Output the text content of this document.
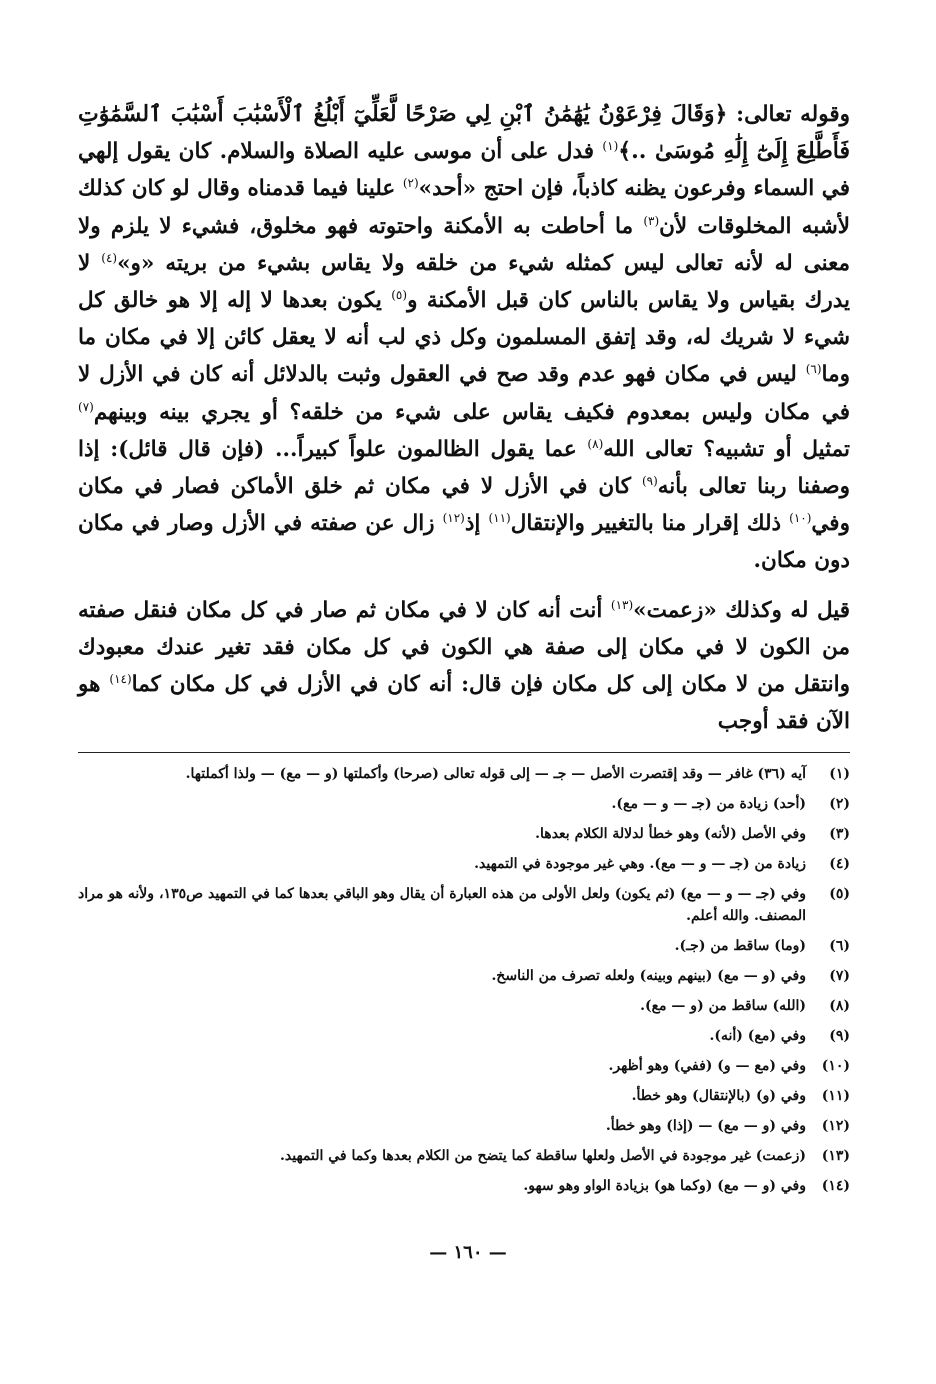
وقوله تعالى: ﴿وَقَالَ فِرْعَوْنُ يَٰهَٰمَٰنُ ٱبْنِ لِي صَرْحًا لَّعَلِّيٓ أَبْلُغُ ٱلْأَسْبَٰبَ أَسْبَٰبَ ٱلسَّمَٰوَٰتِ فَأَطَّلِعَ إِلَىٰٓ إِلَٰهِ مُوسَىٰ ..﴾$^{(١)}$ فدل على أن موسى عليه الصلاة والسلام. كان يقول إلهي في السماء وفرعون يظنه كاذباً، فإن احتج «أحد»$^{(٢)}$ علينا فيما قدمناه وقال لو كان كذلك لأشبه المخلوقات لأن$^{(٣)}$ ما أحاطت به الأمكنة واحتوته فهو مخلوق، فشيء لا يلزم ولا معنى له لأنه تعالى ليس كمثله شيء من خلقه ولا يقاس بشيء من بريته «و»$^{(٤)}$ لا يدرك بقياس ولا يقاس بالناس كان قبل الأمكنة و$^{(٥)}$ يكون بعدها لا إله إلا هو خالق كل شيء لا شريك له، وقد إتفق المسلمون وكل ذي لب أنه لا يعقل كائن إلا في مكان ما وما$^{(٦)}$ ليس في مكان فهو عدم وقد صح في العقول وثبت بالدلائل أنه كان في الأزل لا في مكان وليس بمعدوم فكيف يقاس على شيء من خلقه؟ أو يجري بينه وبينهم$^{(٧)}$ تمثيل أو تشبيه؟ تعالى الله$^{(٨)}$ عما يقول الظالمون علواً كبيراً... (فإن قال قائل): إذا وصفنا ربنا تعالى بأنه$^{(٩)}$ كان في الأزل لا في مكان ثم خلق الأماكن فصار في مكان وفي$^{(١٠)}$ ذلك إقرار منا بالتغيير والإنتقال$^{(١١)}$ إذ$^{(١٢)}$ زال عن صفته في الأزل وصار في مكان دون مكان.

قيل له وكذلك «زعمت»$^{(١٣)}$ أنت أنه كان لا في مكان ثم صار في كل مكان فنقل صفته من الكون لا في مكان إلى صفة هي الكون في كل مكان فقد تغير عندك معبودك وانتقل من لا مكان إلى كل مكان فإن قال: أنه كان في الأزل في كل مكان كما$^{(١٤)}$ هو الآن فقد أوجب

(١)
آيه (٣٦) غافر — وقد إقتصرت الأصل — جـ — إلى قوله تعالى (صرحا) وأكملتها (و — مع) — ولذا أكملتها.
(٢)
(أحد) زيادة من (جـ — و — مع).
(٣)
وفي الأصل (لأنه) وهو خطأ لدلالة الكلام بعدها.
(٤)
زيادة من (جـ — و — مع). وهي غير موجودة في التمهيد.
(٥)
وفي (جـ — و — مع) (ثم يكون) ولعل الأولى من هذه العبارة أن يقال وهو الباقي بعدها كما في التمهيد ص١٣٥، ولأنه هو مراد المصنف. والله أعلم.
(٦)
(وما) ساقط من (جـ).
(٧)
وفي (و — مع) (بينهم وبينه) ولعله تصرف من الناسخ.
(٨)
(الله) ساقط من (و — مع).
(٩)
وفي (مع) (أنه).
(١٠)
وفي (مع — و) (ففي) وهو أظهر.
(١١)
وفي (و) (بالإنتقال) وهو خطأ.
(١٢)
وفي (و — مع) — (إذا) وهو خطأ.
(١٣)
(زعمت) غير موجودة في الأصل ولعلها ساقطة كما يتضح من الكلام بعدها وكما في التمهيد.
(١٤)
وفي (و — مع) (وكما هو) بزيادة الواو وهو سهو.
— ١٦٠ —
